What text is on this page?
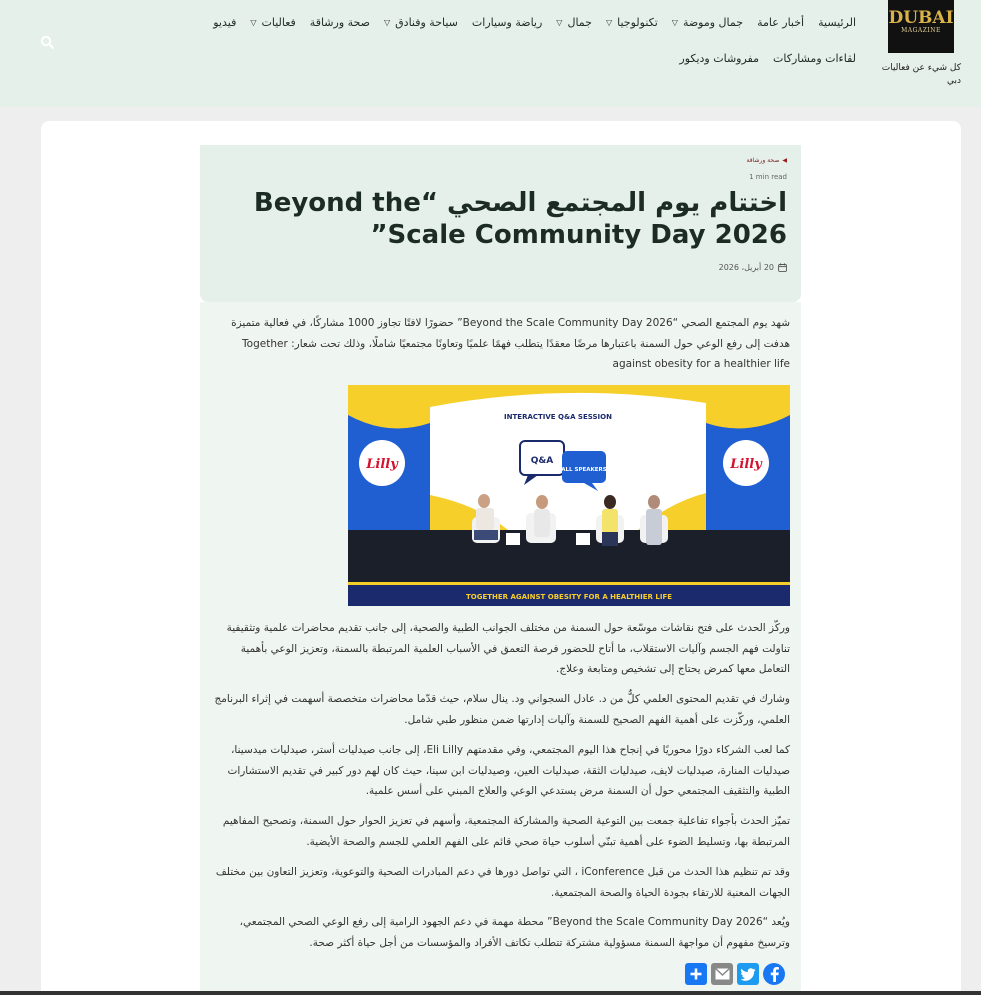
DUBAI
MAGAZINE
كل شيء عن فعاليات دبي
الرئيسية
أخبار عامة
جمال وموضة
▽
تكنولوجيا
▽
جمال
▽
رياضة وسيارات
سياحة وفنادق
▽
صحة ورشاقة
فعاليات
▽
فيديو
لقاءات ومشاركات
مفروشات وديكور
◀
صحة ورشاقة
1 min read
اختتام يوم المجتمع الصحي “Beyond the Scale Community Day 2026”
20 أبريل، 2026

شهد يوم المجتمع الصحي “Beyond the Scale Community Day 2026” حضورًا لافتًا تجاوز 1000 مشاركًا، في فعالية متميزة هدفت إلى رفع الوعي حول السمنة باعتبارها مرضًا معقدًا يتطلب فهمًا علميًا وتعاونًا مجتمعيًا شاملًا، وذلك تحت شعار: Together against obesity for a healthier life

Lilly	Lilly
INTERACTIVE Q&A SESSION
Q&A
ALL SPEAKERS
TOGETHER AGAINST OBESITY FOR A HEALTHIER LIFE

وركّز الحدث على فتح نقاشات موسّعة حول السمنة من مختلف الجوانب الطبية والصحية، إلى جانب تقديم محاضرات علمية وتثقيفية تناولت فهم الجسم وآليات الاستقلاب، ما أتاح للحضور فرصة التعمق في الأسباب العلمية المرتبطة بالسمنة، وتعزيز الوعي بأهمية التعامل معها كمرض يحتاج إلى تشخيص ومتابعة وعلاج.

وشارك في تقديم المحتوى العلمي كلٌّ من د. عادل السجواني ود. ينال سلام، حيث قدّما محاضرات متخصصة أسهمت في إثراء البرنامج العلمي، وركّزت على أهمية الفهم الصحيح للسمنة وآليات إدارتها ضمن منظور طبي شامل.

كما لعب الشركاء دورًا محوريًا في إنجاح هذا اليوم المجتمعي، وفي مقدمتهم Eli Lilly، إلى جانب صيدليات أستر، صيدليات ميدسينا، صيدليات المنارة، صيدليات لايف، صيدليات الثقة، صيدليات العين، وصيدليات ابن سينا، حيث كان لهم دور كبير في تقديم الاستشارات الطبية والتثقيف المجتمعي حول أن السمنة مرض يستدعي الوعي والعلاج المبني على أسس علمية.

تميّز الحدث بأجواء تفاعلية جمعت بين التوعية الصحية والمشاركة المجتمعية، وأسهم في تعزيز الحوار حول السمنة، وتصحيح المفاهيم المرتبطة بها، وتسليط الضوء على أهمية تبنّي أسلوب حياة صحي قائم على الفهم العلمي للجسم والصحة الأيضية.

وقد تم تنظيم هذا الحدث من قبل iConference ، التي تواصل دورها في دعم المبادرات الصحية والتوعوية، وتعزيز التعاون بين مختلف الجهات المعنية للارتقاء بجودة الحياة والصحة المجتمعية.

ويُعد “Beyond the Scale Community Day 2026” محطة مهمة في دعم الجهود الرامية إلى رفع الوعي الصحي المجتمعي، وترسيخ مفهوم أن مواجهة السمنة مسؤولية مشتركة تتطلب تكاتف الأفراد والمؤسسات من أجل حياة أكثر صحة.
